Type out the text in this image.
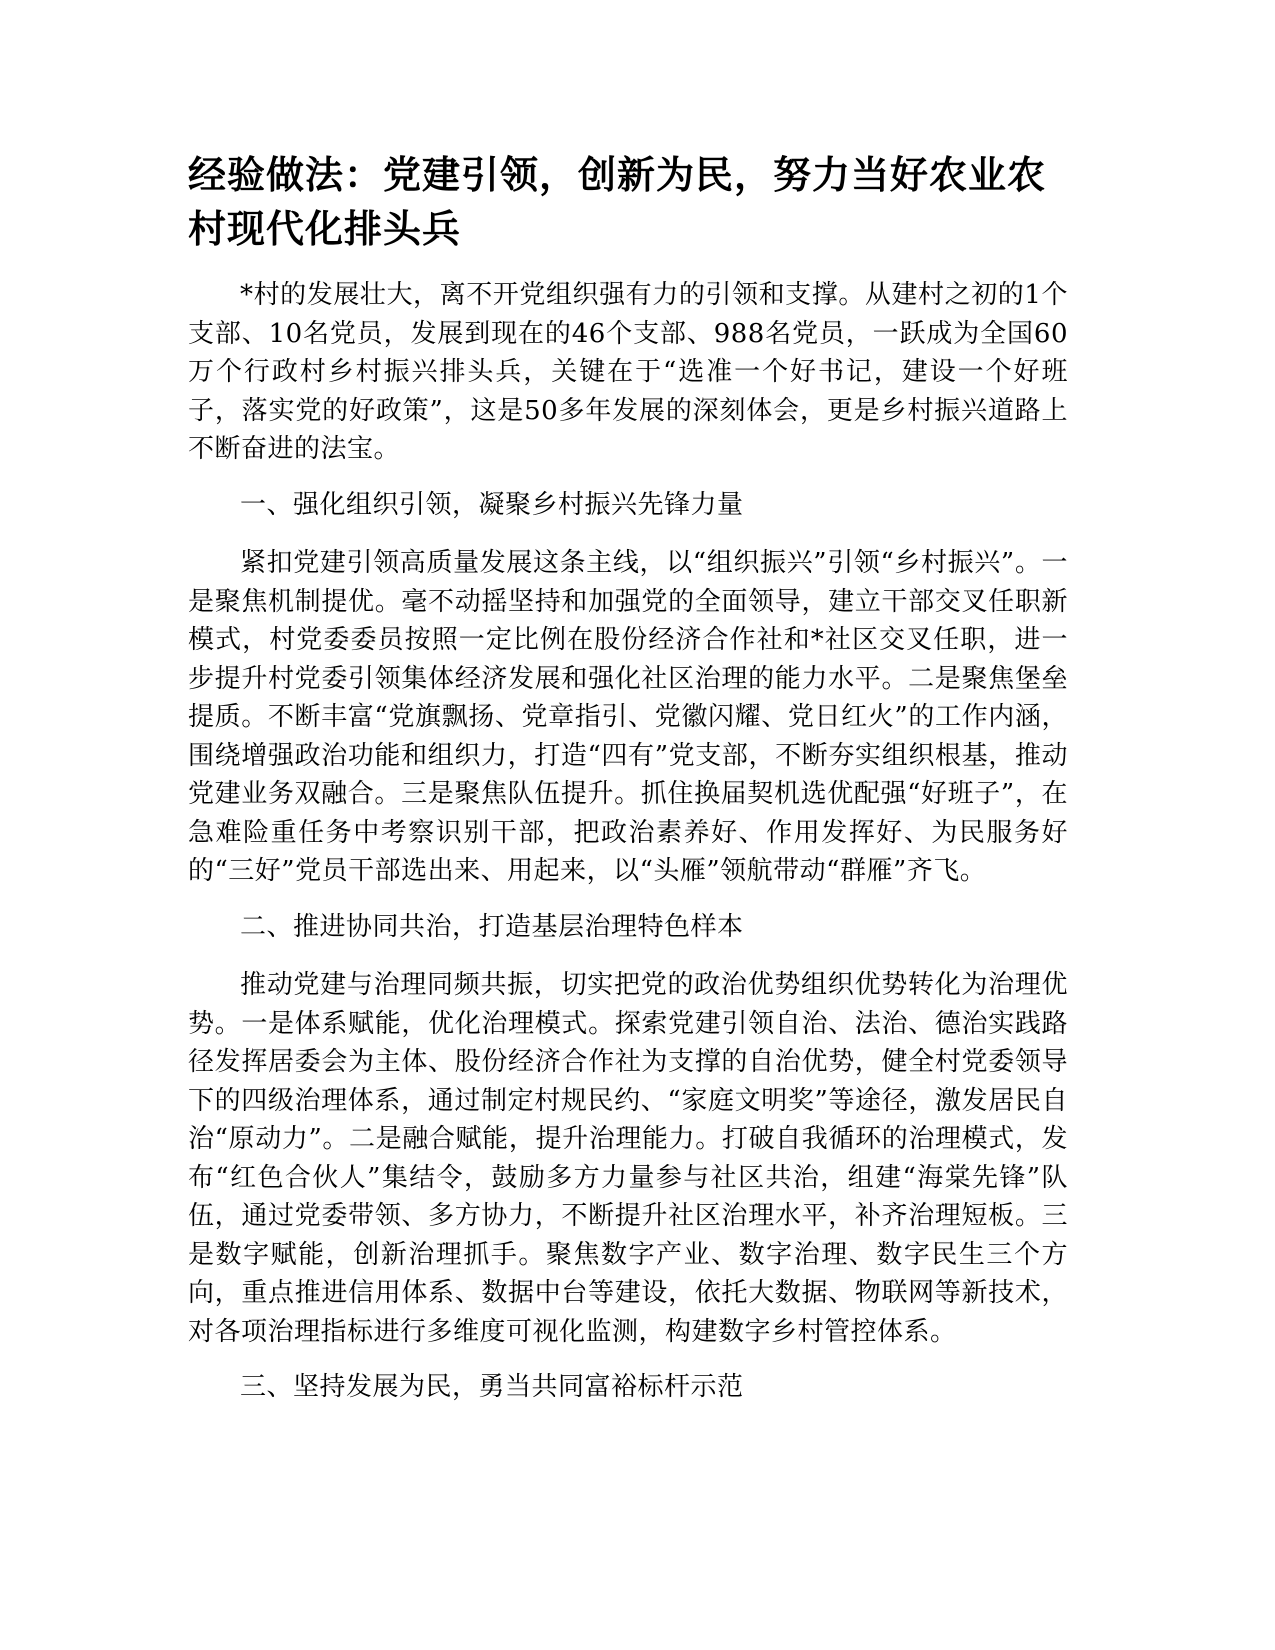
经验做法：党建引领，创新为民，努力当好农业农村现代化排头兵

*村的发展壮大，离不开党组织强有力的引领和支撑。从建村之初的1个支部、10名党员，发展到现在的46个支部、988名党员，一跃成为全国60万个行政村乡村振兴排头兵，关键在于“选准一个好书记，建设一个好班子，落实党的好政策”，这是50多年发展的深刻体会，更是乡村振兴道路上不断奋进的法宝。

一、强化组织引领，凝聚乡村振兴先锋力量

紧扣党建引领高质量发展这条主线，以“组织振兴”引领“乡村振兴”。一是聚焦机制提优。毫不动摇坚持和加强党的全面领导，建立干部交叉任职新模式，村党委委员按照一定比例在股份经济合作社和*社区交叉任职，进一步提升村党委引领集体经济发展和强化社区治理的能力水平。二是聚焦堡垒提质。不断丰富“党旗飘扬、党章指引、党徽闪耀、党日红火”的工作内涵，围绕增强政治功能和组织力，打造“四有”党支部，不断夯实组织根基，推动党建业务双融合。三是聚焦队伍提升。抓住换届契机选优配强“好班子”，在急难险重任务中考察识别干部，把政治素养好、作用发挥好、为民服务好的“三好”党员干部选出来、用起来，以“头雁”领航带动“群雁”齐飞。

二、推进协同共治，打造基层治理特色样本

推动党建与治理同频共振，切实把党的政治优势组织优势转化为治理优势。一是体系赋能，优化治理模式。探索党建引领自治、法治、德治实践路径发挥居委会为主体、股份经济合作社为支撑的自治优势，健全村党委领导下的四级治理体系，通过制定村规民约、“家庭文明奖”等途径，激发居民自治“原动力”。二是融合赋能，提升治理能力。打破自我循环的治理模式，发布“红色合伙人”集结令，鼓励多方力量参与社区共治，组建“海棠先锋”队伍，通过党委带领、多方协力，不断提升社区治理水平，补齐治理短板。三是数字赋能，创新治理抓手。聚焦数字产业、数字治理、数字民生三个方向，重点推进信用体系、数据中台等建设，依托大数据、物联网等新技术，对各项治理指标进行多维度可视化监测，构建数字乡村管控体系。

三、坚持发展为民，勇当共同富裕标杆示范
